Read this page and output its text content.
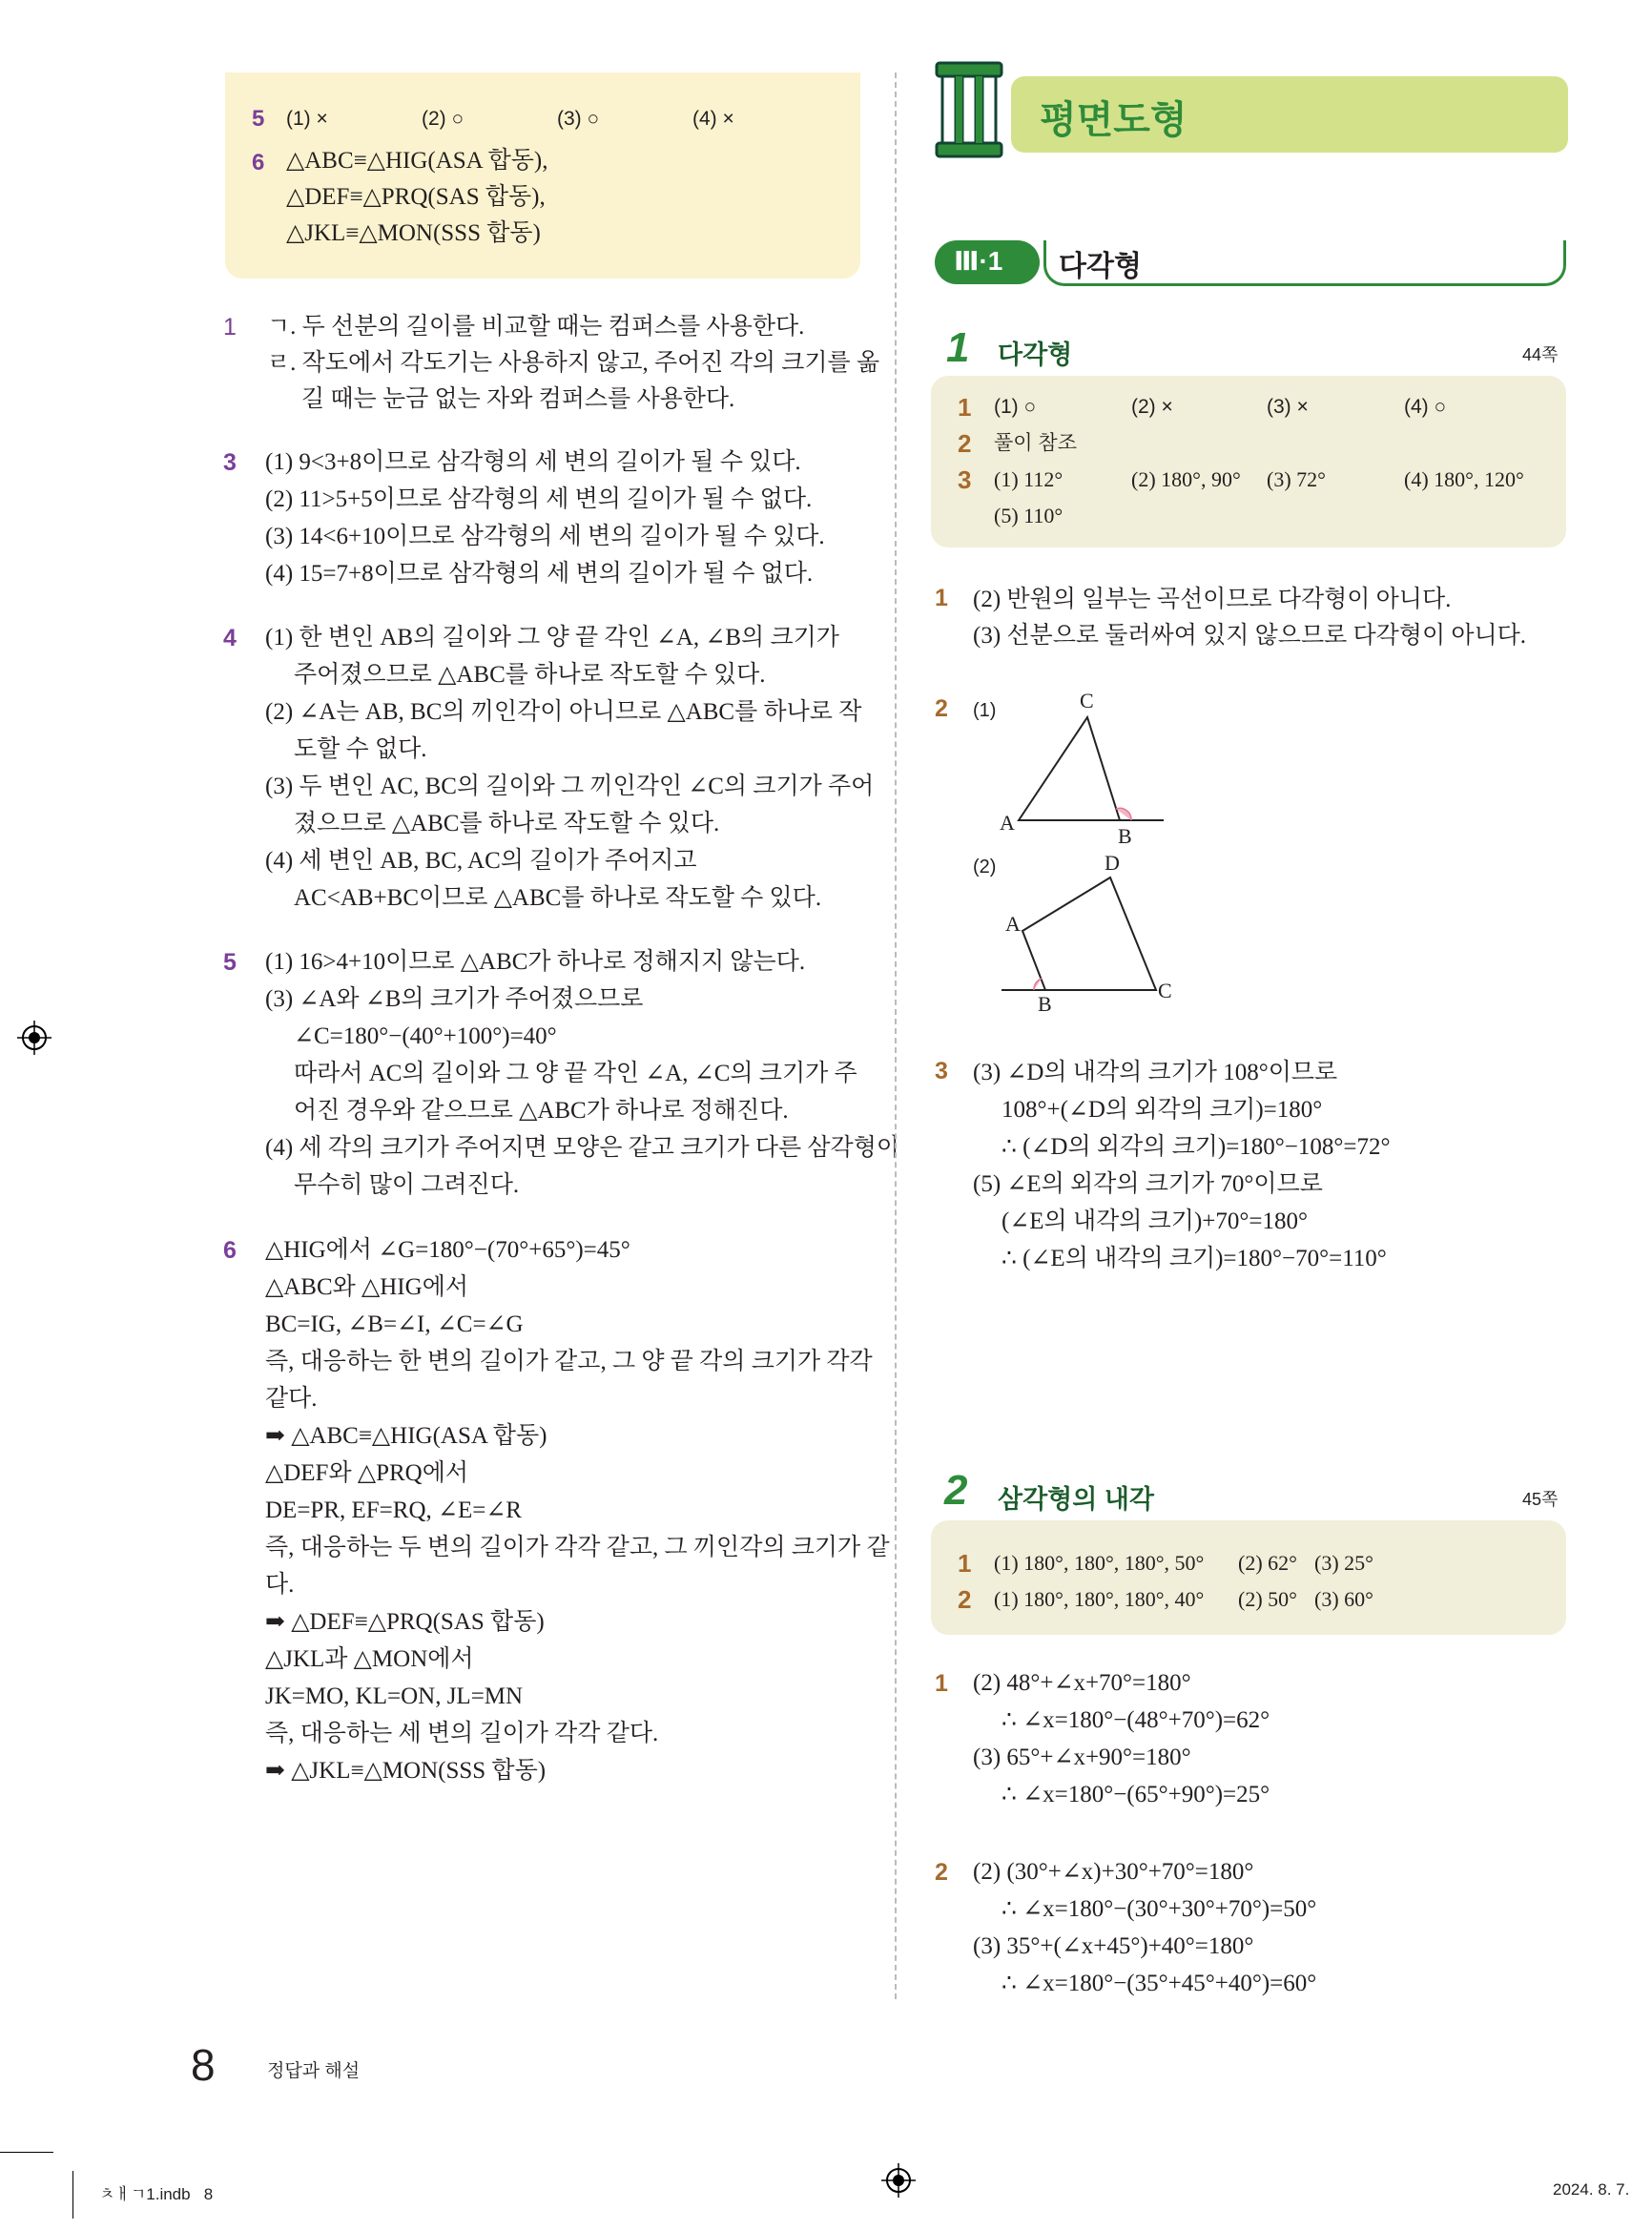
5 (1) ×	(2) ○	(3) ○	(4) ×
6 △ABC≡△HIG(ASA 합동),
△DEF≡△PRQ(SAS 합동),
△JKL≡△MON(SSS 합동)
1 ㄱ. 두 선분의 길이를 비교할 때는 컴퍼스를 사용한다.
ㄹ. 작도에서 각도기는 사용하지 않고, 주어진 각의 크기를 옮
길 때는 눈금 없는 자와 컴퍼스를 사용한다.
3 (1) 9<3+8이므로 삼각형의 세 변의 길이가 될 수 있다.
(2) 11>5+5이므로 삼각형의 세 변의 길이가 될 수 없다.
(3) 14<6+10이므로 삼각형의 세 변의 길이가 될 수 있다.
(4) 15=7+8이므로 삼각형의 세 변의 길이가 될 수 없다.
4 (1) 한 변인 AB의 길이와 그 양 끝 각인 ∠A, ∠B의 크기가
주어졌으므로 △ABC를 하나로 작도할 수 있다.
(2) ∠A는 AB, BC의 끼인각이 아니므로 △ABC를 하나로 작
도할 수 없다.
(3) 두 변인 AC, BC의 길이와 그 끼인각인 ∠C의 크기가 주어
졌으므로 △ABC를 하나로 작도할 수 있다.
(4) 세 변인 AB, BC, AC의 길이가 주어지고
AC<AB+BC이므로 △ABC를 하나로 작도할 수 있다.
5 (1) 16>4+10이므로 △ABC가 하나로 정해지지 않는다.
(3) ∠A와 ∠B의 크기가 주어졌으므로
∠C=180°−(40°+100°)=40°
따라서 AC의 길이와 그 양 끝 각인 ∠A, ∠C의 크기가 주
어진 경우와 같으므로 △ABC가 하나로 정해진다.
(4) 세 각의 크기가 주어지면 모양은 같고 크기가 다른 삼각형이
무수히 많이 그려진다.
6 △HIG에서 ∠G=180°−(70°+65°)=45°
△ABC와 △HIG에서
BC=IG, ∠B=∠I, ∠C=∠G
즉, 대응하는 한 변의 길이가 같고, 그 양 끝 각의 크기가 각각
같다.
➡ △ABC≡△HIG(ASA 합동)
△DEF와 △PRQ에서
DE=PR, EF=RQ, ∠E=∠R
즉, 대응하는 두 변의 길이가 각각 같고, 그 끼인각의 크기가 같
다.
➡ △DEF≡△PRQ(SAS 합동)
△JKL과 △MON에서
JK=MO, KL=ON, JL=MN
즉, 대응하는 세 변의 길이가 각각 같다.
➡ △JKL≡△MON(SSS 합동)
평면도형
Ⅲ·1 다각형
1 다각형	44쪽
1 (1) ○	(2) ×	(3) ×	(4) ○
2 풀이 참조
3 (1) 112°	(2) 180°, 90° (3) 72°	(4) 180°, 120°
(5) 110°
1 (2) 반원의 일부는 곡선이므로 다각형이 아니다.
(3) 선분으로 둘러싸여 있지 않으므로 다각형이 아니다.
2 (1)
(2)
C
A
B
D
A
B
C
3 (3) ∠D의 내각의 크기가 108°이므로
108°+(∠D의 외각의 크기)=180°
∴ (∠D의 외각의 크기)=180°−108°=72°
(5) ∠E의 외각의 크기가 70°이므로
(∠E의 내각의 크기)+70°=180°
∴ (∠E의 내각의 크기)=180°−70°=110°
2 삼각형의 내각	45쪽
1 (1) 180°, 180°, 180°, 50° (2) 62° (3) 25°
2 (1) 180°, 180°, 180°, 40° (2) 50° (3) 60°
1 (2) 48°+∠x+70°=180°
∴ ∠x=180°−(48°+70°)=62°
(3) 65°+∠x+90°=180°
∴ ∠x=180°−(65°+90°)=25°
2 (2) (30°+∠x)+30°+70°=180°
∴ ∠x=180°−(30°+30°+70°)=50°
(3) 35°+(∠x+45°)+40°=180°
∴ ∠x=180°−(35°+45°+40°)=60°
8	정답과 해설
ㅊㅐㄱ1.indb   8	2024. 8. 7.
